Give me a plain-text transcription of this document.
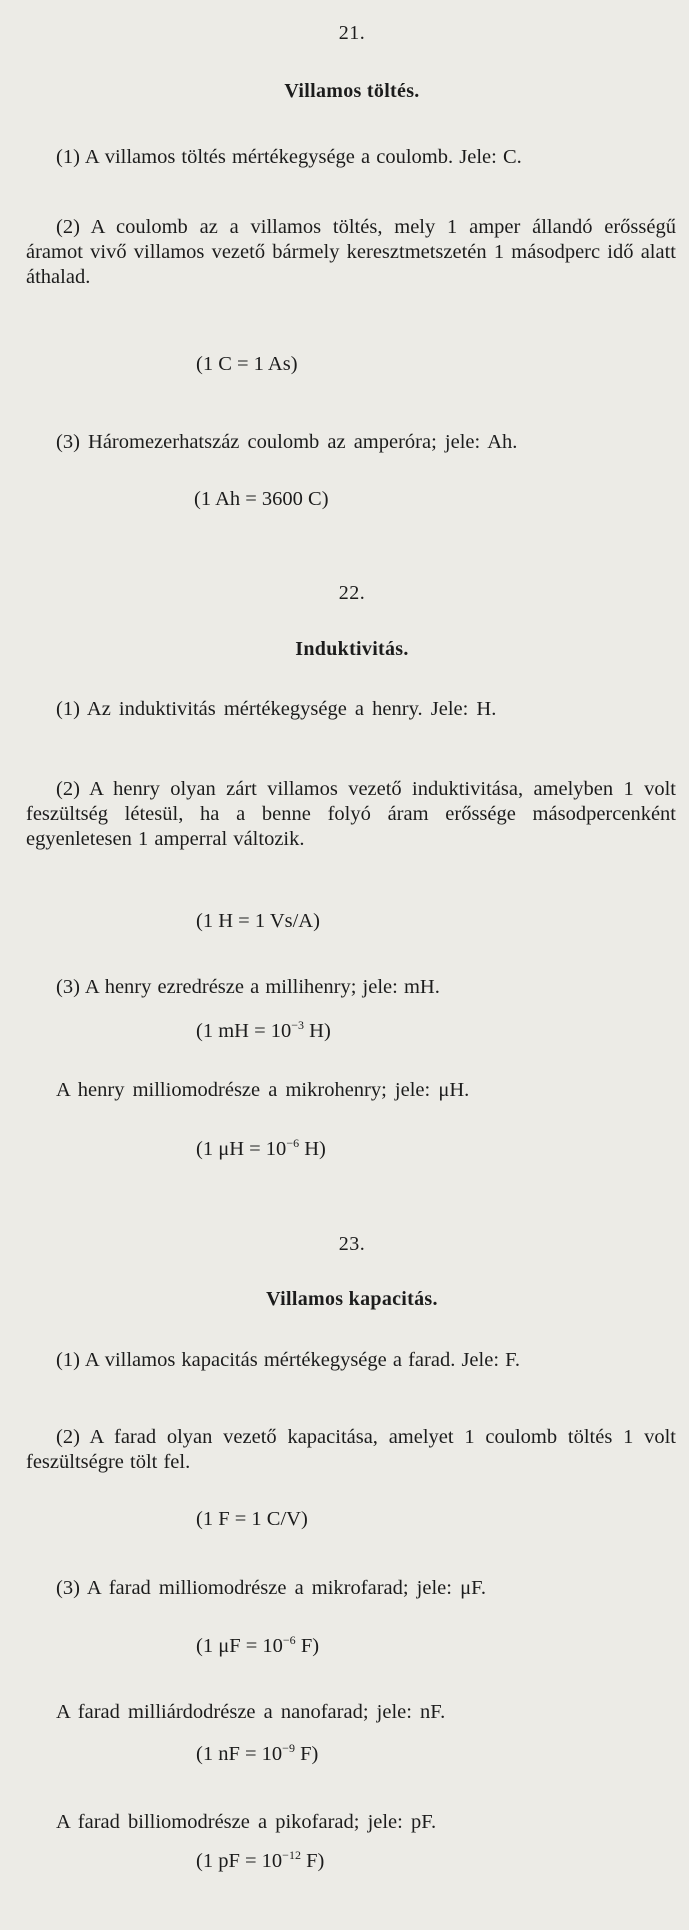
21.
Villamos töltés.
(1) A villamos töltés mértékegysége a coulomb. Jele: C.
(2) A coulomb az a villamos töltés, mely 1 amper állandó erősségű áramot vivő villamos vezető bármely keresztmetszetén 1 másodperc idő alatt áthalad.
(1 C = 1 As)
(3) Háromezerhatszáz coulomb az amperóra; jele: Ah.
(1 Ah = 3600 C)
22.
Induktivitás.
(1) Az induktivitás mértékegysége a henry. Jele: H.
(2) A henry olyan zárt villamos vezető induktivitása, amelyben 1 volt feszültség létesül, ha a benne folyó áram erőssége másodpercenként egyenletesen 1 amperral változik.
(1 H = 1 Vs/A)
(3) A henry ezredrésze a millihenry; jele: mH.
(1 mH = $10^{-3}$ H)
A henry milliomodrésze a mikrohenry; jele: μH.
(1 $\mu H = 10^{-6}$ H)
23.
Villamos kapacitás.
(1) A villamos kapacitás mértékegysége a farad. Jele: F.
(2) A farad olyan vezető kapacitása, amelyet 1 coulomb töltés 1 volt feszültségre tölt fel.
(1 F = 1 C/V)
(3) A farad milliomodrésze a mikrofarad; jele: μF.
(1 $\mu F = 10^{-6}$ F)
A farad milliárdodrésze a nanofarad; jele: nF.
(1 nF = $10^{-9}$ F)
A farad billiomodrésze a pikofarad; jele: pF.
(1 pF = $10^{-12}$ F)
